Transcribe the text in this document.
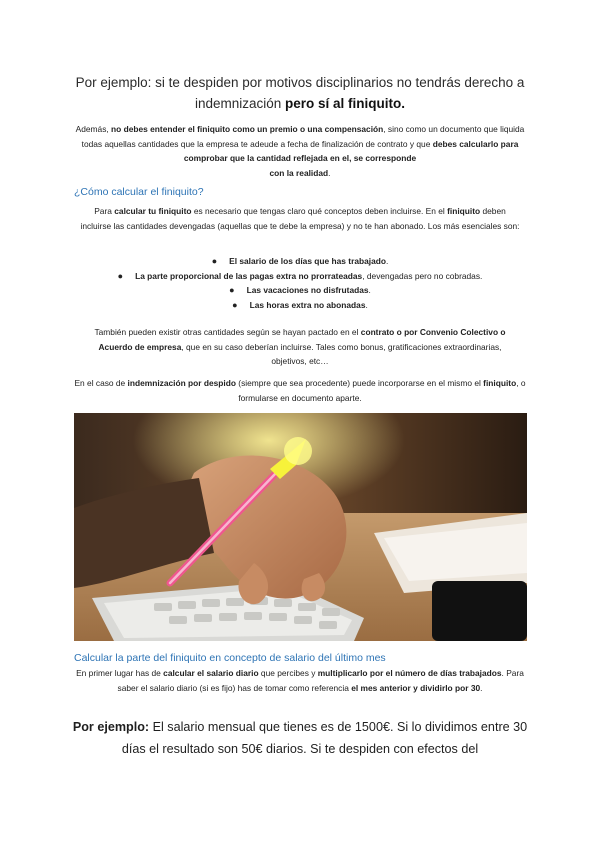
Por ejemplo: si te despiden por motivos disciplinarios no tendrás derecho a indemnización pero sí al finiquito.
Además, no debes entender el finiquito como un premio o una compensación, sino como un documento que liquida todas aquellas cantidades que la empresa te adeude a fecha de finalización de contrato y que debes calcularlo para comprobar que la cantidad reflejada en el, se corresponde
con la realidad.
¿Cómo calcular el finiquito?
Para calcular tu finiquito es necesario que tengas claro qué conceptos deben incluirse. En el finiquito deben incluirse las cantidades devengadas (aquellas que te debe la empresa) y no te han abonado. Los más esenciales son:
● El salario de los días que has trabajado.
● La parte proporcional de las pagas extra no prorrateadas, devengadas pero no cobradas.
● Las vacaciones no disfrutadas.
● Las horas extra no abonadas.
También pueden existir otras cantidades según se hayan pactado en el contrato o por Convenio Colectivo o Acuerdo de empresa, que en su caso deberían incluirse. Tales como bonus, gratificaciones extraordinarias, objetivos, etc…
En el caso de indemnización por despido (siempre que sea procedente) puede incorporarse en el mismo el finiquito, o formularse en documento aparte.
Calcular la parte del finiquito en concepto de salario del último mes
En primer lugar has de calcular el salario diario que percibes y multiplicarlo por el número de días trabajados. Para saber el salario diario (si es fijo) has de tomar como referencia el mes anterior y dividirlo por 30.
Por ejemplo: El salario mensual que tienes es de 1500€. Si lo dividimos entre 30 días el resultado son 50€ diarios. Si te despiden con efectos del
